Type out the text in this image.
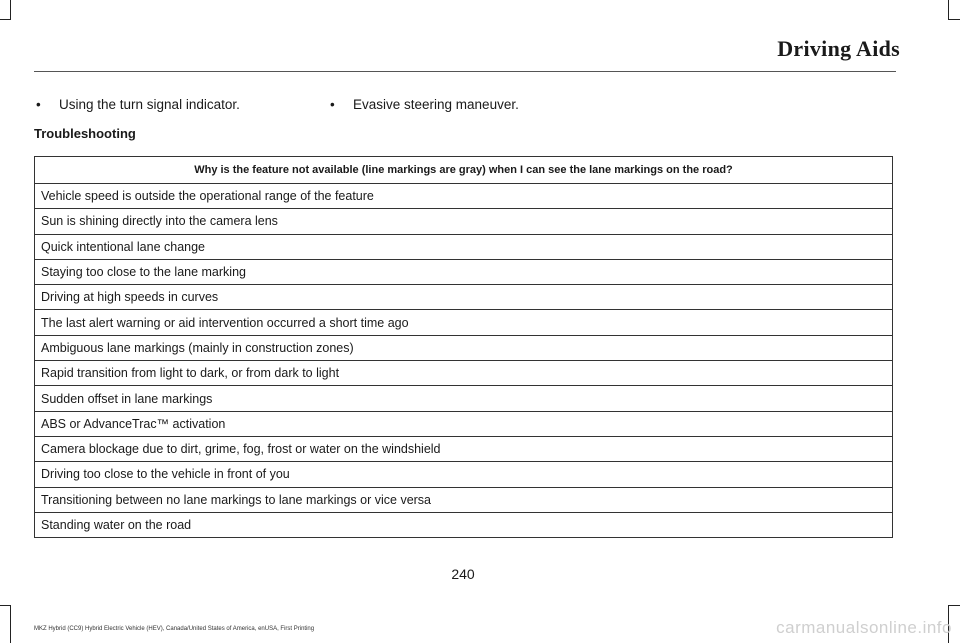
Driving Aids
• Using the turn signal indicator.	• Evasive steering maneuver.
Troubleshooting
Why is the feature not available (line markings are gray) when I can see the lane markings on the road?
Vehicle speed is outside the operational range of the feature
Sun is shining directly into the camera lens
Quick intentional lane change
Staying too close to the lane marking
Driving at high speeds in curves
The last alert warning or aid intervention occurred a short time ago
Ambiguous lane markings (mainly in construction zones)
Rapid transition from light to dark, or from dark to light
Sudden offset in lane markings
ABS or AdvanceTrac™ activation
Camera blockage due to dirt, grime, fog, frost or water on the windshield
Driving too close to the vehicle in front of you
Transitioning between no lane markings to lane markings or vice versa
Standing water on the road
240
MKZ Hybrid (CC9) Hybrid Electric Vehicle (HEV), Canada/United States of America, enUSA, First Printing	carmanualsonline.info
